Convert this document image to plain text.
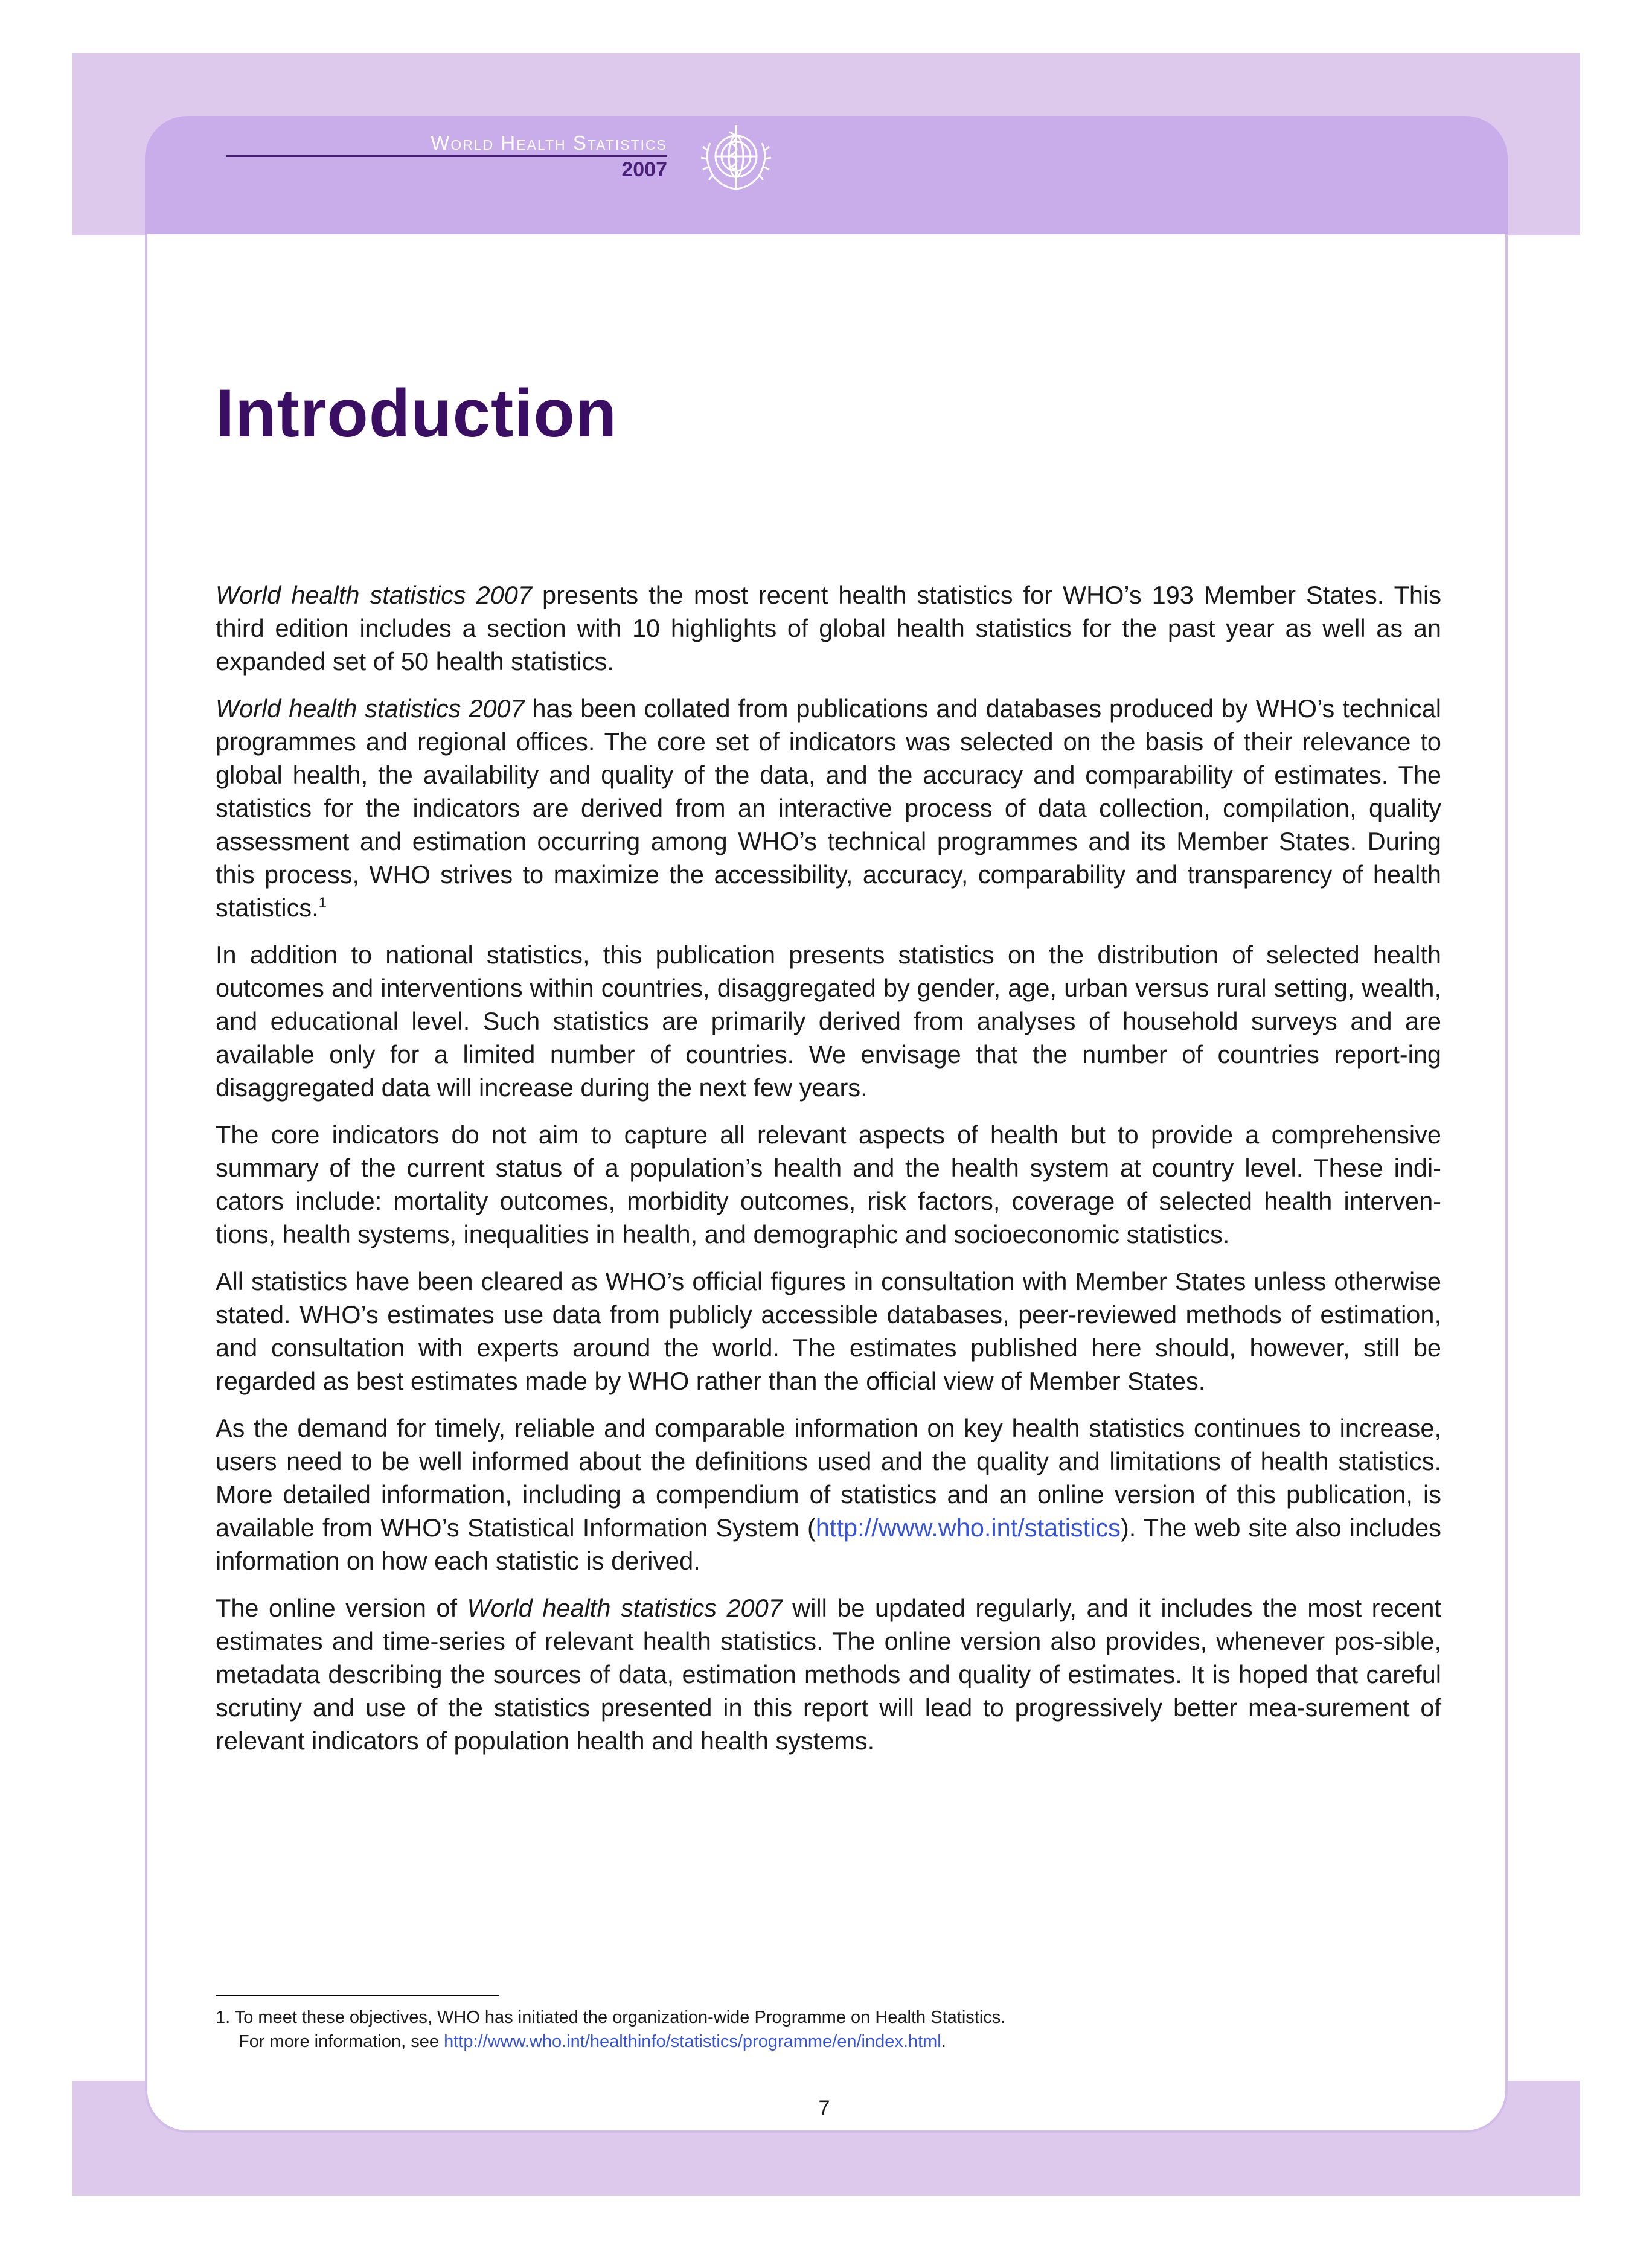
World Health Statistics
2007
Introduction

World health statistics 2007 presents the most recent health statistics for WHO’s 193 Member States. This third edition includes a section with 10 highlights of global health statistics for the past year as well as an expanded set of 50 health statistics.

World health statistics 2007 has been collated from publications and databases produced by WHO’s technical programmes and regional offices. The core set of indicators was selected on the basis of their relevance to global health, the availability and quality of the data, and the accuracy and comparability of estimates. The statistics for the indicators are derived from an interactive process of data collection, compilation, quality assessment and estimation occurring among WHO’s technical programmes and its Member States. During this process, WHO strives to maximize the accessibility, accuracy, comparability and transparency of health statistics.$^1$

In addition to national statistics, this publication presents statistics on the distribution of selected health outcomes and interventions within countries, disaggregated by gender, age, urban versus rural setting, wealth, and educational level. Such statistics are primarily derived from analyses of household surveys and are available only for a limited number of countries. We envisage that the number of countries report-ing disaggregated data will increase during the next few years.

The core indicators do not aim to capture all relevant aspects of health but to provide a comprehensive summary of the current status of a population’s health and the health system at country level. These indi-cators include: mortality outcomes, morbidity outcomes, risk factors, coverage of selected health interven-tions, health systems, inequalities in health, and demographic and socioeconomic statistics.

All statistics have been cleared as WHO’s official figures in consultation with Member States unless otherwise stated. WHO’s estimates use data from publicly accessible databases, peer-reviewed methods of estimation, and consultation with experts around the world. The estimates published here should, however, still be regarded as best estimates made by WHO rather than the official view of Member States.

As the demand for timely, reliable and comparable information on key health statistics continues to increase, users need to be well informed about the definitions used and the quality and limitations of health statistics. More detailed information, including a compendium of statistics and an online version of this publication, is available from WHO’s Statistical Information System (http://www.who.int/statistics). The web site also includes information on how each statistic is derived.

The online version of World health statistics 2007 will be updated regularly, and it includes the most recent estimates and time-series of relevant health statistics. The online version also provides, whenever pos-sible, metadata describing the sources of data, estimation methods and quality of estimates. It is hoped that careful scrutiny and use of the statistics presented in this report will lead to progressively better mea-surement of relevant indicators of population health and health systems.

1. To meet these objectives, WHO has initiated the organization-wide Programme on Health Statistics.

For more information, see http://www.who.int/healthinfo/statistics/programme/en/index.html.

7
